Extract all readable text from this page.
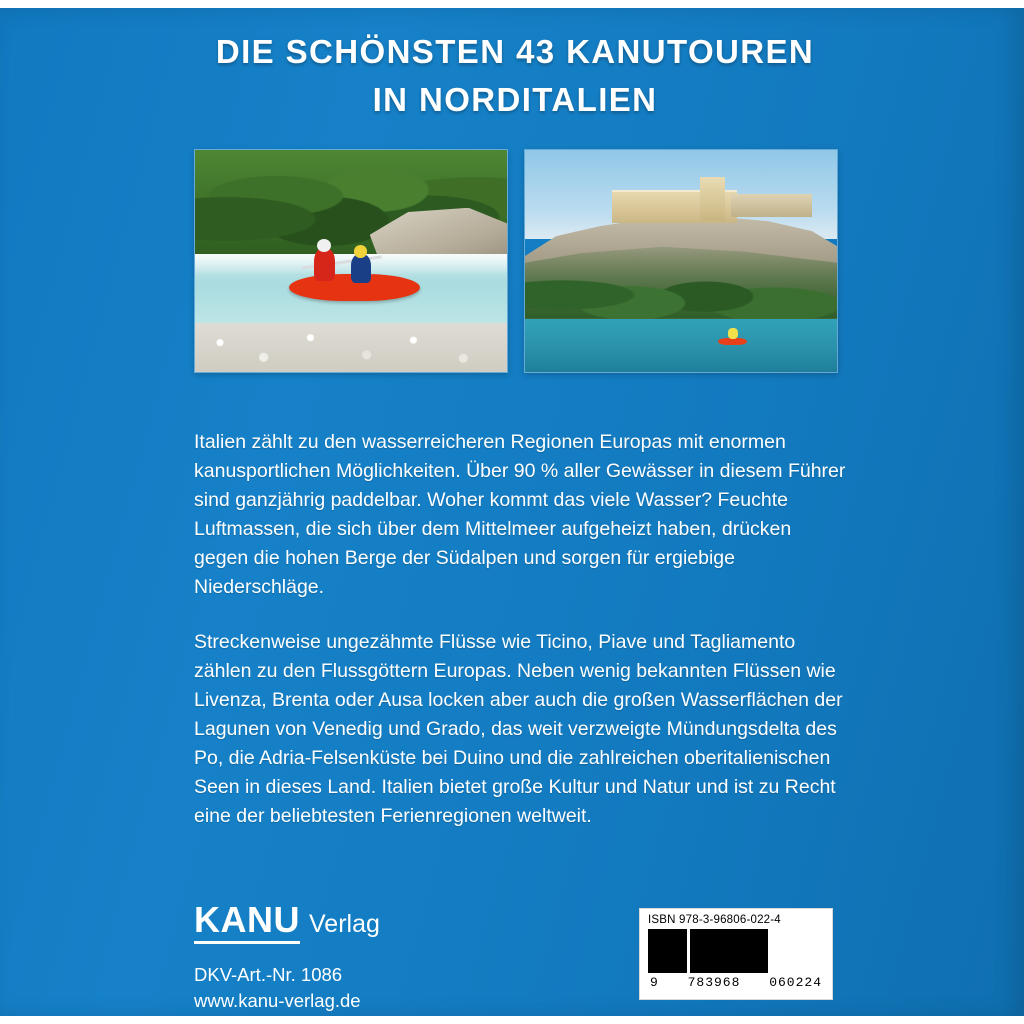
DIE SCHÖNSTEN 43 KANUTOUREN
IN NORDITALIEN

Italien zählt zu den wasserreicheren Regionen Europas mit enormen kanusportlichen Möglichkeiten. Über 90 % aller Gewässer in diesem Führer sind ganzjährig paddelbar. Woher kommt das viele Wasser? Feuchte Luftmassen, die sich über dem Mittelmeer aufgeheizt haben, drücken gegen die hohen Berge der Südalpen und sorgen für ergiebige Niederschläge.

Streckenweise ungezähmte Flüsse wie Ticino, Piave und Tagliamento zählen zu den Flussgöttern Europas. Neben wenig bekannten Flüssen wie Livenza, Brenta oder Ausa locken aber auch die großen Wasserflächen der Lagunen von Venedig und Grado, das weit verzweigte Mündungsdelta des Po, die Adria-Felsenküste bei Duino und die zahlreichen oberitalienischen Seen in dieses Land. Italien bietet große Kultur und Natur und ist zu Recht eine der beliebtesten Ferienregionen weltweit.

KANU Verlag
DKV-Art.-Nr. 1086
www.kanu-verlag.de
ISBN 978-3-96806-022-4
9 783968 060224
